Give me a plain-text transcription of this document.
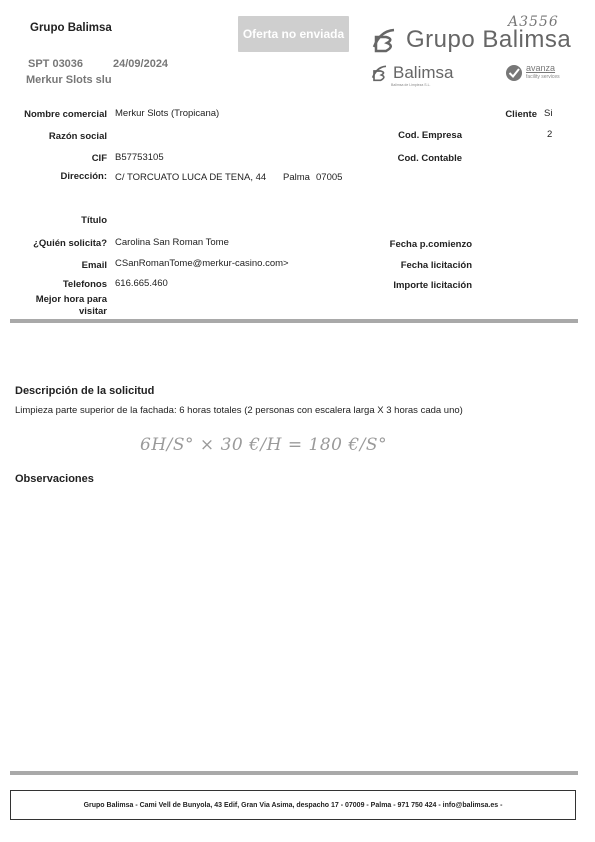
Grupo Balimsa
SPT 03036	24/09/2024
Merkur Slots slu
Oferta no enviada
A3556
Grupo Balimsa
Balimsa
Balimsa de Limpieza S.L.
avanza
facility services
Nombre comercial Merkur Slots (Tropicana)
Razón social
CIF B57753105
Dirección: C/ TORCUATO LUCA DE TENA, 44 Palma 07005
Título
¿Quién solicita? Carolina San Roman Tome
Email CSanRomanTome@merkur-casino.com>
Telefonos 616.665.460
Mejor hora para
visitar
Cliente Si
Cod. Empresa	2
Cod. Contable
Fecha p.comienzo
Fecha licitación
Importe licitación
Descripción de la solicitud
Limpieza parte superior de la fachada: 6 horas totales (2 personas con escalera larga X 3 horas cada uno)
6H/S° × 30 €/H = 180 €/S°
Observaciones
Grupo Balimsa - Cami Vell de Bunyola, 43 Edif, Gran Via Asima, despacho 17 - 07009 - Palma - 971 750 424 - info@balimsa.es -
